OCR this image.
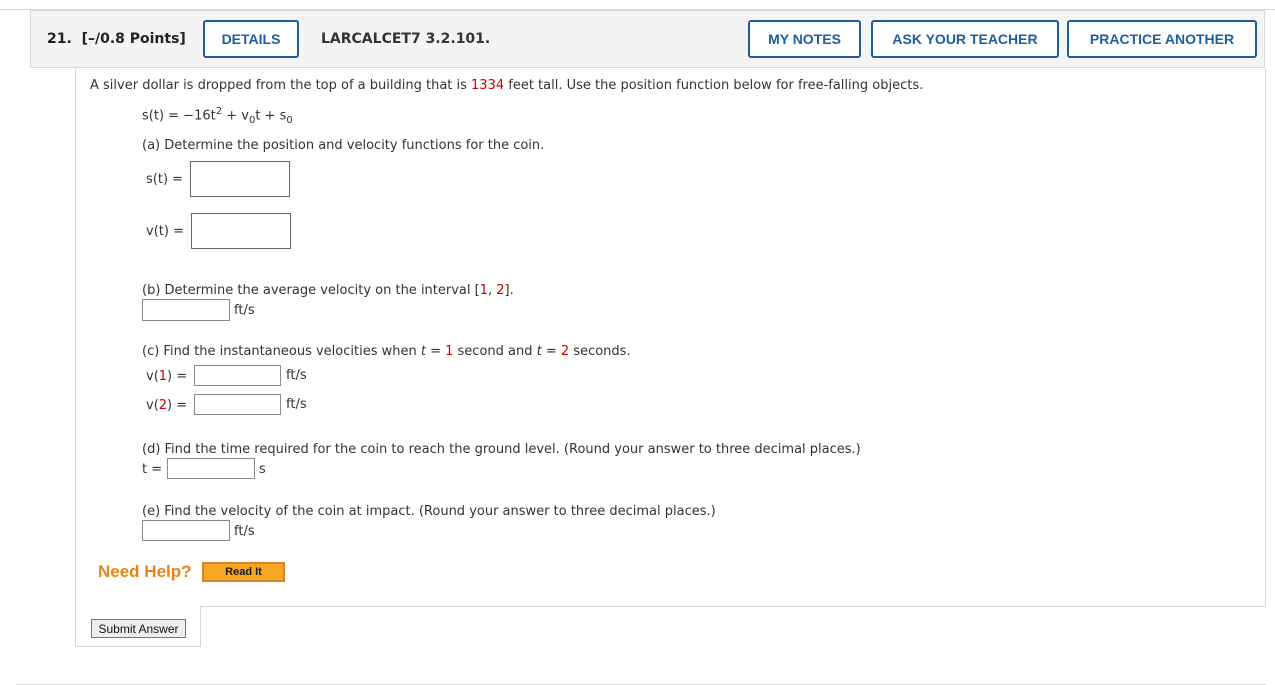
21. [–/0.8 Points]	DETAILS	LARCALCET7 3.2.101.	MY NOTES	ASK YOUR TEACHER	PRACTICE ANOTHER
A silver dollar is dropped from the top of a building that is 1334 feet tall. Use the position function below for free-falling objects.
$s(t) = -16t^2 + v_0t + s_0$
(a) Determine the position and velocity functions for the coin.
s(t) =
v(t) =
(b) Determine the average velocity on the interval [1, 2].
ft/s
(c) Find the instantaneous velocities when t = 1 second and t = 2 seconds.
v(1) =	ft/s
v(2) =	ft/s
(d) Find the time required for the coin to reach the ground level. (Round your answer to three decimal places.)
t =	s
(e) Find the velocity of the coin at impact. (Round your answer to three decimal places.)
ft/s
Need Help?	Read It
Submit Answer
